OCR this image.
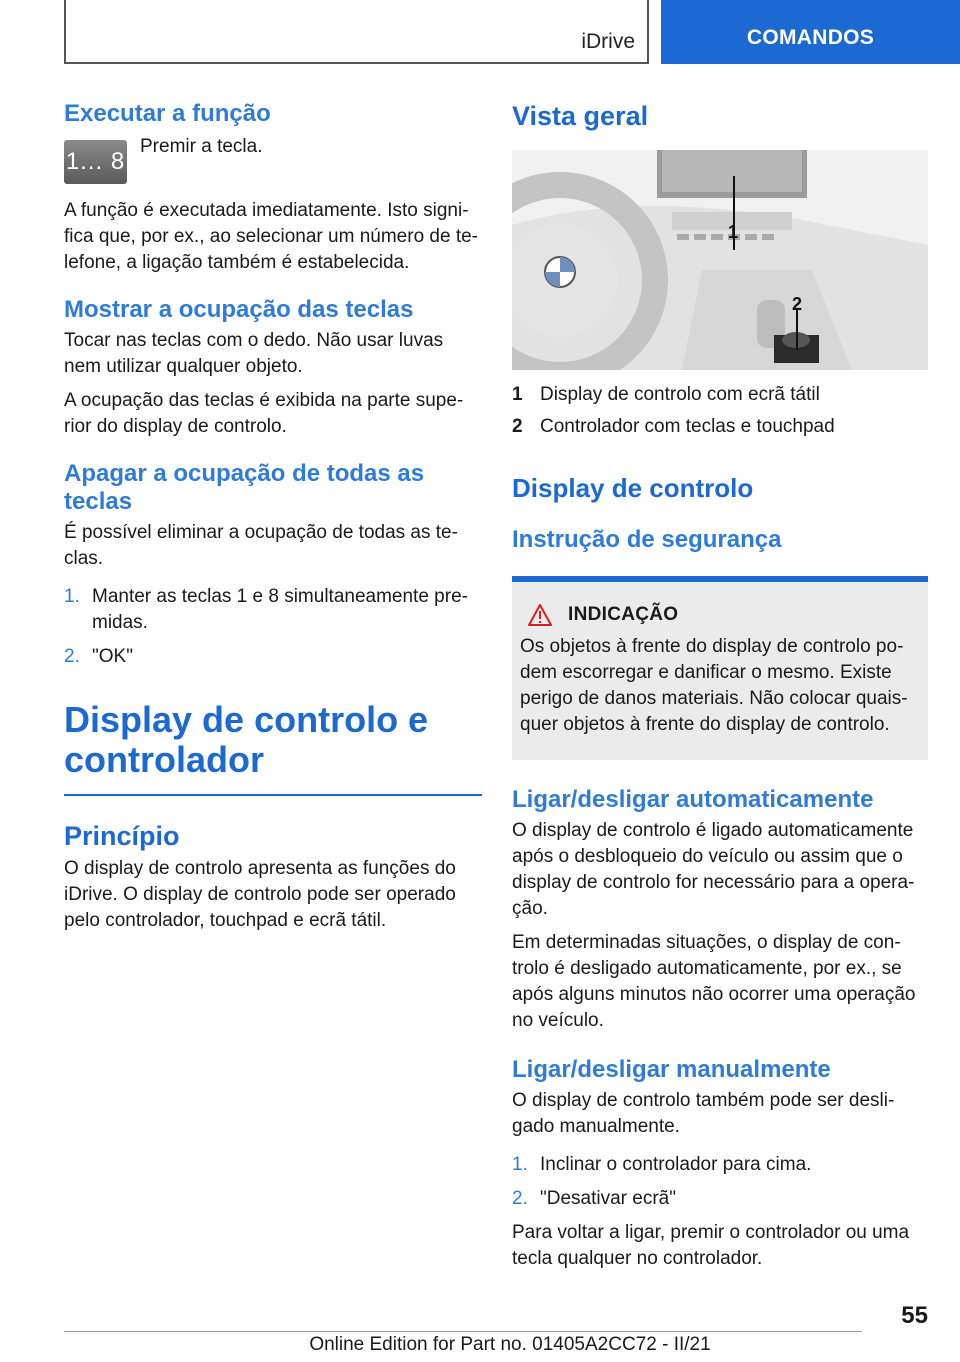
iDrive	COMANDOS
Executar a função
1... 8
Premir a tecla.
A função é executada imediatamente. Isto signi-fica que, por ex., ao selecionar um número de te-lefone, a ligação também é estabelecida.
Mostrar a ocupação das teclas
Tocar nas teclas com o dedo. Não usar luvas nem utilizar qualquer objeto.
A ocupação das teclas é exibida na parte supe-rior do display de controlo.
Apagar a ocupação de todas as teclas
É possível eliminar a ocupação de todas as te-clas.
1. Manter as teclas 1 e 8 simultaneamente pre-midas.
2. "OK"
Display de controlo e controlador
Princípio
O display de controlo apresenta as funções do iDrive. O display de controlo pode ser operado pelo controlador, touchpad e ecrã tátil.
Vista geral
1
2
1 Display de controlo com ecrã tátil
2 Controlador com teclas e touchpad
Display de controlo
Instrução de segurança
INDICAÇÃO
Os objetos à frente do display de controlo po-dem escorregar e danificar o mesmo. Existe perigo de danos materiais. Não colocar quais-quer objetos à frente do display de controlo.
Ligar/desligar automaticamente
O display de controlo é ligado automaticamente após o desbloqueio do veículo ou assim que o display de controlo for necessário para a opera-ção.
Em determinadas situações, o display de con-trolo é desligado automaticamente, por ex., se após alguns minutos não ocorrer uma operação no veículo.
Ligar/desligar manualmente
O display de controlo também pode ser desli-gado manualmente.
1. Inclinar o controlador para cima.
2. "Desativar ecrã"
Para voltar a ligar, premir o controlador ou uma tecla qualquer no controlador.
55
Online Edition for Part no. 01405A2CC72 - II/21
